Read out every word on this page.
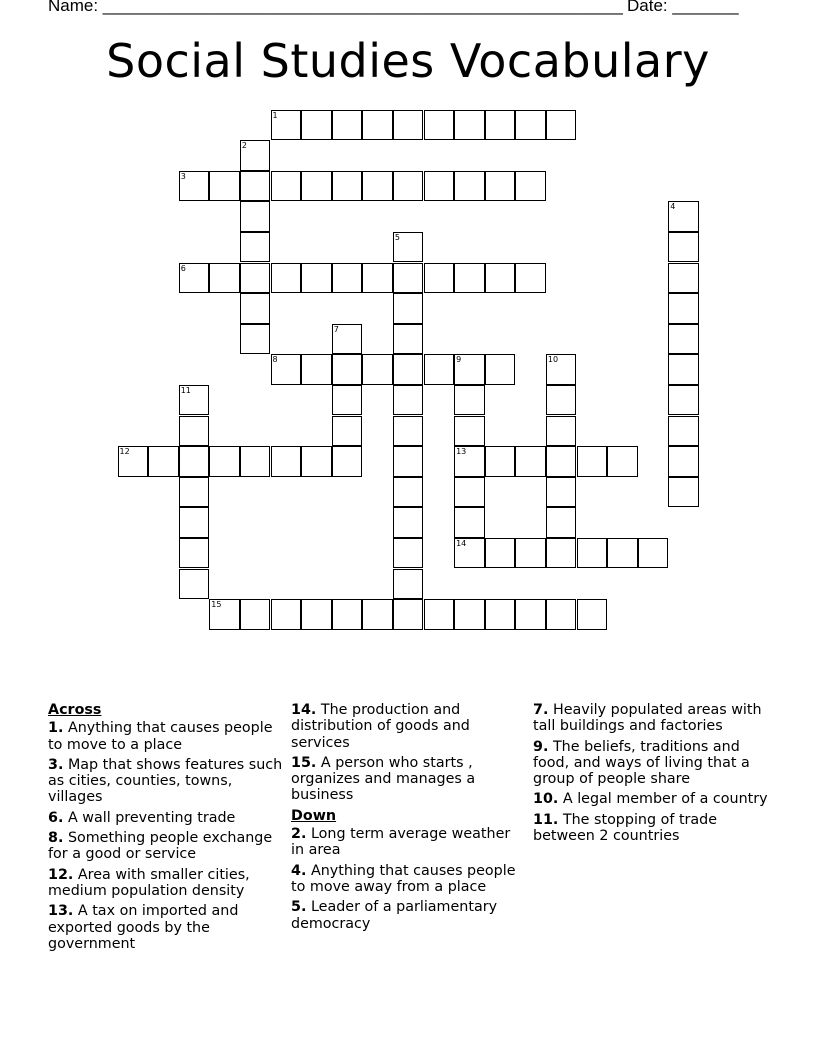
Name: _______________________________________________________ Date: _______
Social Studies Vocabulary
1
2
3
4
5
6
7
8	9
13
14
10
11
12
15
Across
1. Anything that causes people to move to a place
3. Map that shows features such as cities, counties, towns, villages
6. A wall preventing trade
8. Something people exchange for a good or service
12. Area with smaller cities, medium population density
13. A tax on imported and exported goods by the government
14. The production and distribution of goods and services
15. A person who starts , organizes and manages a business
Down
2. Long term average weather in area
4. Anything that causes people to move away from a place
5. Leader of a parliamentary democracy
7. Heavily populated areas with tall buildings and factories
9. The beliefs, traditions and food, and ways of living that a group of people share
10. A legal member of a country
11. The stopping of trade between 2 countries
